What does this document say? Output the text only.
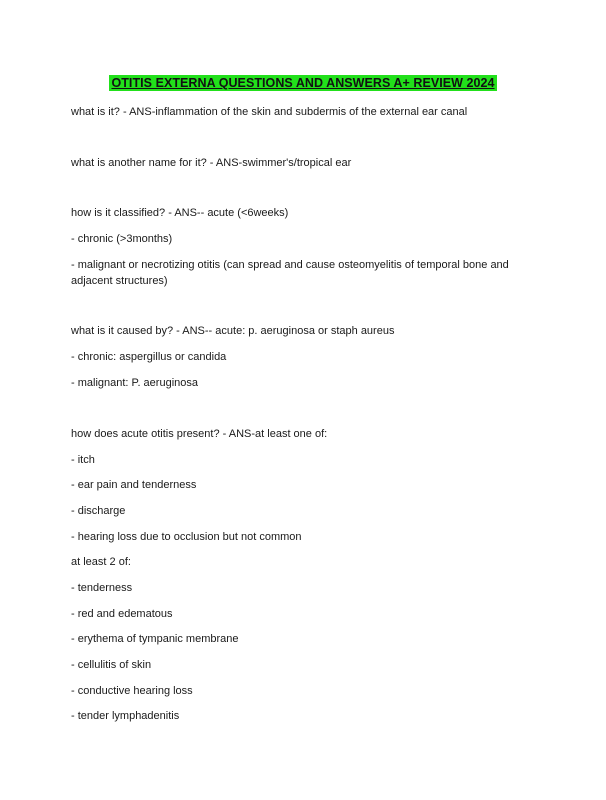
OTITIS EXTERNA QUESTIONS AND ANSWERS A+ REVIEW 2024
what is it? - ANS-inflammation of the skin and subdermis of the external ear canal
what is another name for it? - ANS-swimmer's/tropical ear
how is it classified? - ANS-- acute (<6weeks)
- chronic (>3months)
- malignant or necrotizing otitis (can spread and cause osteomyelitis of temporal bone and adjacent structures)
what is it caused by? - ANS-- acute: p. aeruginosa or staph aureus
- chronic: aspergillus or candida
- malignant: P. aeruginosa
how does acute otitis present? - ANS-at least one of:
- itch
- ear pain and tenderness
- discharge
- hearing loss due to occlusion but not common
at least 2 of:
- tenderness
- red and edematous
- erythema of tympanic membrane
- cellulitis of skin
- conductive hearing loss
- tender lymphadenitis
